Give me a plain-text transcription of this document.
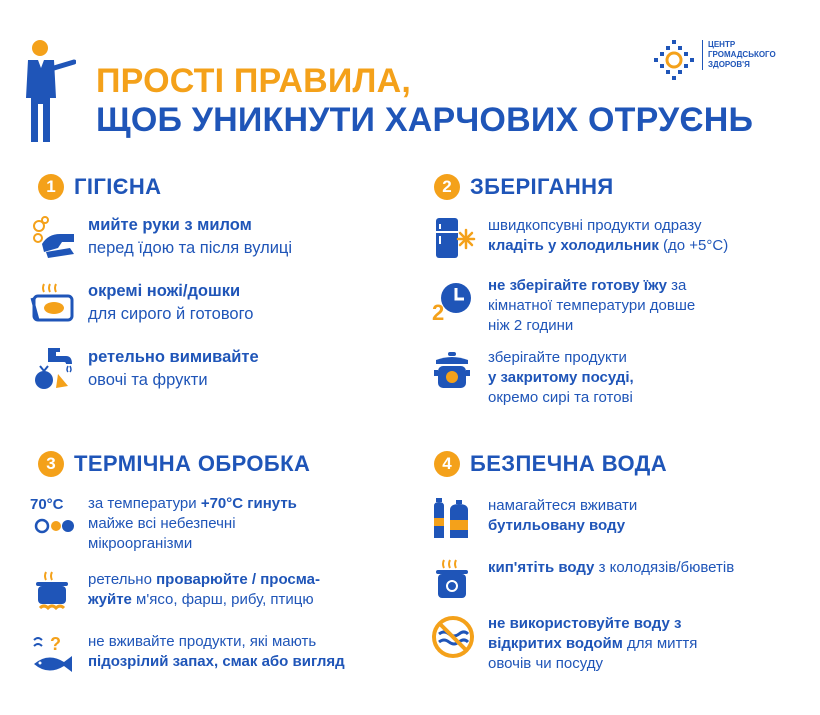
ПРОСТІ ПРАВИЛА,
ЩОБ УНИКНУТИ ХАРЧОВИХ ОТРУЄНЬ
ЦЕНТР
ГРОМАДСЬКОГО
ЗДОРОВ'Я
1 ГІГІЄНА
мийте руки з милом
перед їдою та після вулиці
окремі ножі/дошки
для сирого й готового
ретельно вимивайте
овочі та фрукти
2 ЗБЕРІГАННЯ
швидкопсувні продукти одразу
кладіть у холодильник (до +5°С)
2
не зберігайте готову їжу за
кімнатної температури довше
ніж 2 години
зберігайте продукти
у закритому посуді,
окремо сирі та готові
3 ТЕРМІЧНА ОБРОБКА
70°C за температури +70°С гинуть
майже всі небезпечні
мікроорганізми
ретельно проварюйте / просма-
жуйте м'ясо, фарш, рибу, птицю
? не вживайте продукти, які мають
підозрілий запах, смак або вигляд
4 БЕЗПЕЧНА ВОДА
намагайтеся вживати
бутильовану воду
кип'ятіть воду з колодязів/бюветів
не використовуйте воду з
відкритих водойм для миття
овочів чи посуду
